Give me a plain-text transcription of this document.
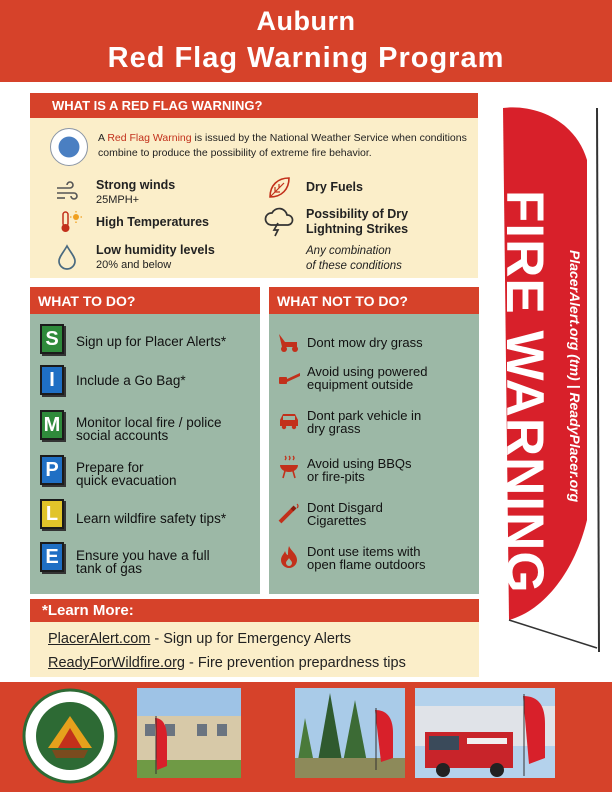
Auburn
Red Flag Warning Program
WHAT IS A RED FLAG WARNING?
A Red Flag Warning is issued by the National Weather Service when conditions combine to produce the possibility of extreme fire behavior.
Strong winds
25MPH+
High Temperatures
Low humidity levels
20% and below
Dry Fuels
Possibility of Dry Lightning Strikes
Any combination
of these conditions
WHAT TO DO?
S	Sign up for Placer Alerts*
I	Include a Go Bag*
M Monitor local fire / police
social accounts
P	Prepare for
quick evacuation
L	Learn wildfire safety tips*
E	Ensure you have a full
tank of gas
WHAT NOT TO DO?
Dont mow dry grass
Avoid using powered
equipment outside
Dont park vehicle in
dry grass
Avoid using BBQs
or fire-pits
Dont Disgard
Cigarettes
Dont use items with
open flame outdoors
*Learn More:
PlacerAlert.com - Sign up for Emergency Alerts
ReadyForWildfire.org - Fire prevention prepardness tips
FIRE WARNING PlacerAlert.org (tm) | ReadyPlacer.org
